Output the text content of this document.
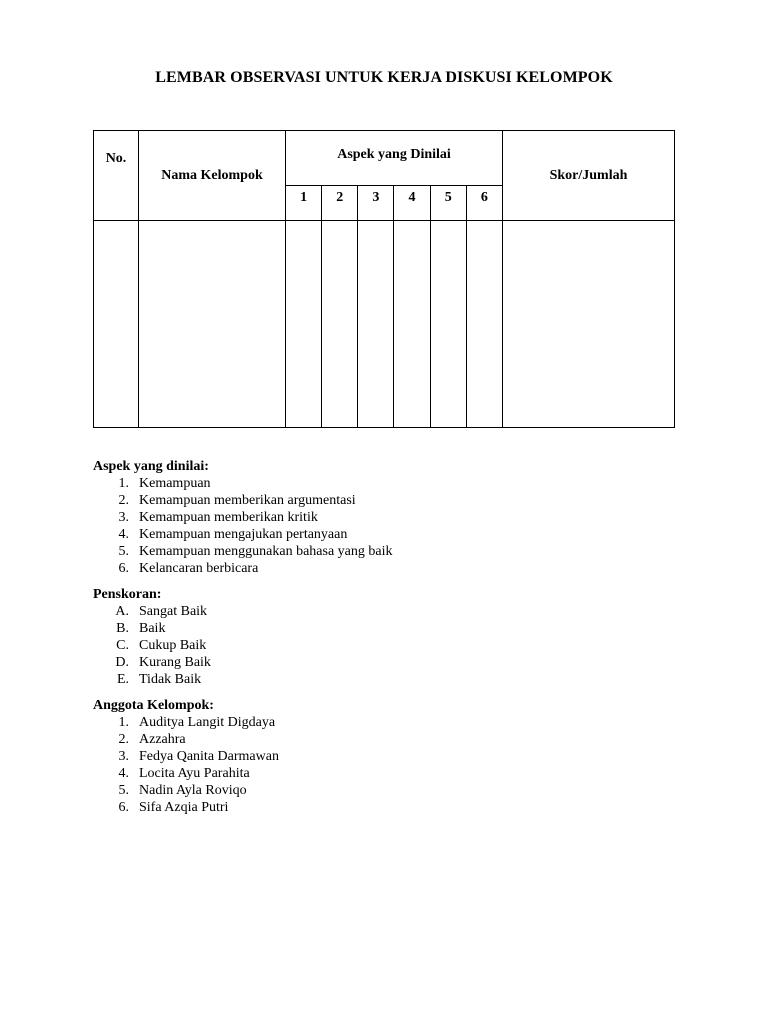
LEMBAR OBSERVASI UNTUK KERJA DISKUSI KELOMPOK
No.	Nama Kelompok	Aspek yang Dinilai						Skor/Jumlah

		1	2	3	4	5	6	

Aspek yang dinilai:
1. Kemampuan
2. Kemampuan memberikan argumentasi
3. Kemampuan memberikan kritik
4. Kemampuan mengajukan pertanyaan
5. Kemampuan menggunakan bahasa yang baik
6. Kelancaran berbicara
Penskoran:
A. Sangat Baik
B. Baik
C. Cukup Baik
D. Kurang Baik
E. Tidak Baik
Anggota Kelompok:
1. Auditya Langit Digdaya
2. Azzahra
3. Fedya Qanita Darmawan
4. Locita Ayu Parahita
5. Nadin Ayla Roviqo
6. Sifa Azqia Putri
